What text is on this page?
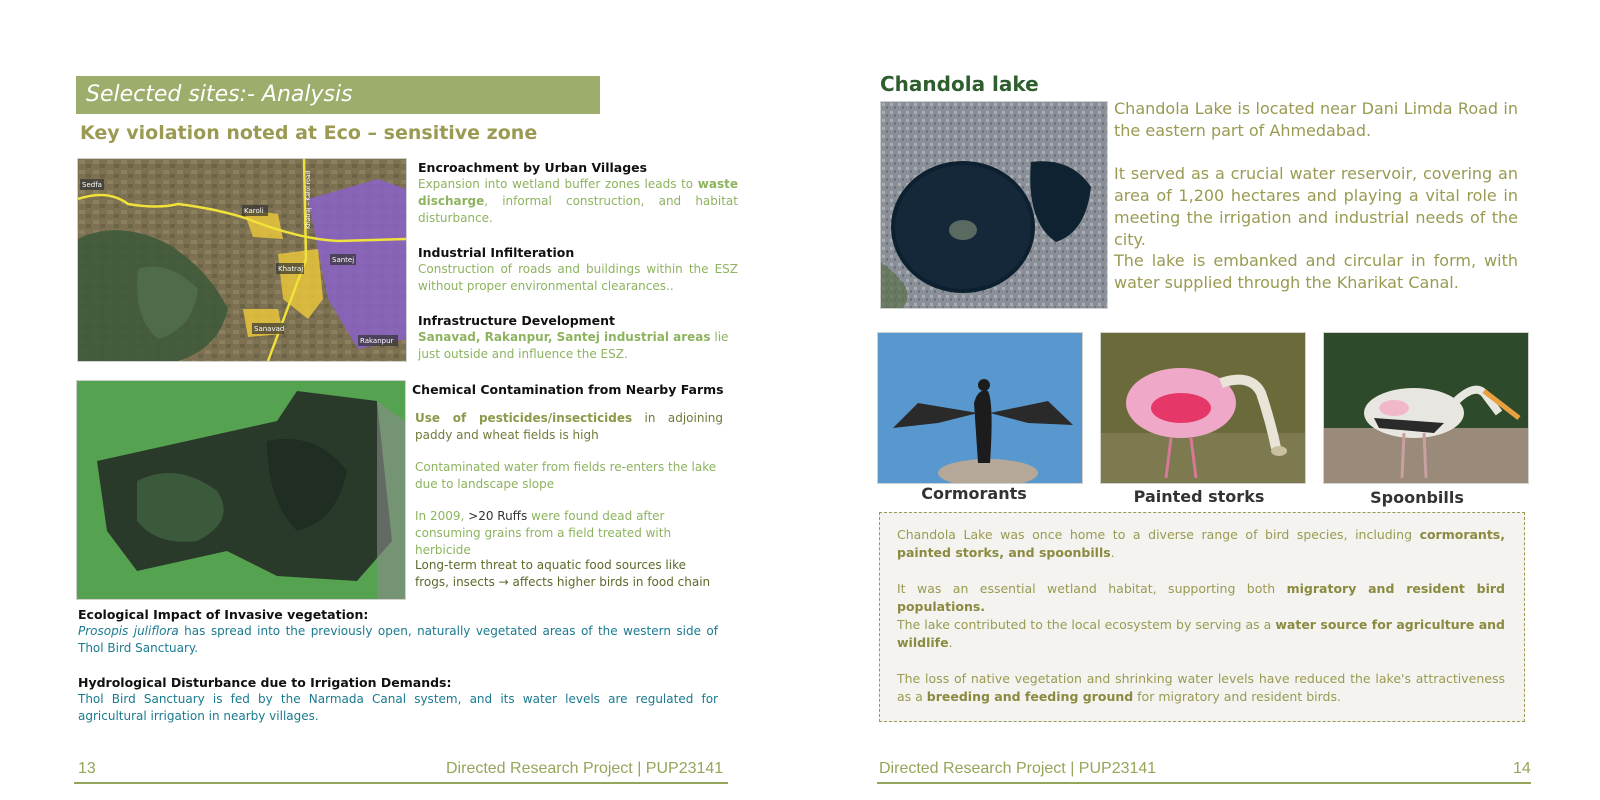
Selected sites:- Analysis
Key violation noted at Eco – sensitive zone
Sedfa
Karoli	Khatraj – Kalol road
Santej
Khatraj
Sanavad
Rakanpur
Encroachment by Urban Villages
Expansion into wetland buffer zones leads to waste discharge, informal construction, and habitat disturbance.
Industrial Infilteration
Construction of roads and buildings within the ESZ without proper environmental clearances..
Infrastructure Development
Sanavad, Rakanpur, Santej industrial areas lie just outside and influence the ESZ.
Chemical Contamination from Nearby Farms
Use of pesticides/insecticides in adjoining paddy and wheat fields is high
Contaminated water from fields re-enters the lake due to landscape slope
In 2009, >20 Ruffs were found dead after consuming grains from a field treated with herbicide
Long-term threat to aquatic food sources like frogs, insects → affects higher birds in food chain
Ecological Impact of Invasive vegetation:
Prosopis juliflora has spread into the previously open, naturally vegetated areas of the western side of Thol Bird Sanctuary.
Hydrological Disturbance due to Irrigation Demands:
Thol Bird Sanctuary is fed by the Narmada Canal system, and its water levels are regulated for agricultural irrigation in nearby villages.
13	Directed Research Project | PUP23141
Chandola lake
Chandola Lake is located near Dani Limda Road in the eastern part of Ahmedabad.
It served as a crucial water reservoir, covering an area of 1,200 hectares and playing a vital role in meeting the irrigation and industrial needs of the city.
The lake is embanked and circular in form, with water supplied through the Kharikat Canal.
Cormorants	Painted storks	Spoonbills
Chandola Lake was once home to a diverse range of bird species, including cormorants, painted storks, and spoonbills.
It was an essential wetland habitat, supporting both migratory and resident bird populations.
The lake contributed to the local ecosystem by serving as a water source for agriculture and wildlife.
The loss of native vegetation and shrinking water levels have reduced the lake's attractiveness as a breeding and feeding ground for migratory and resident birds.
Directed Research Project | PUP23141	14
